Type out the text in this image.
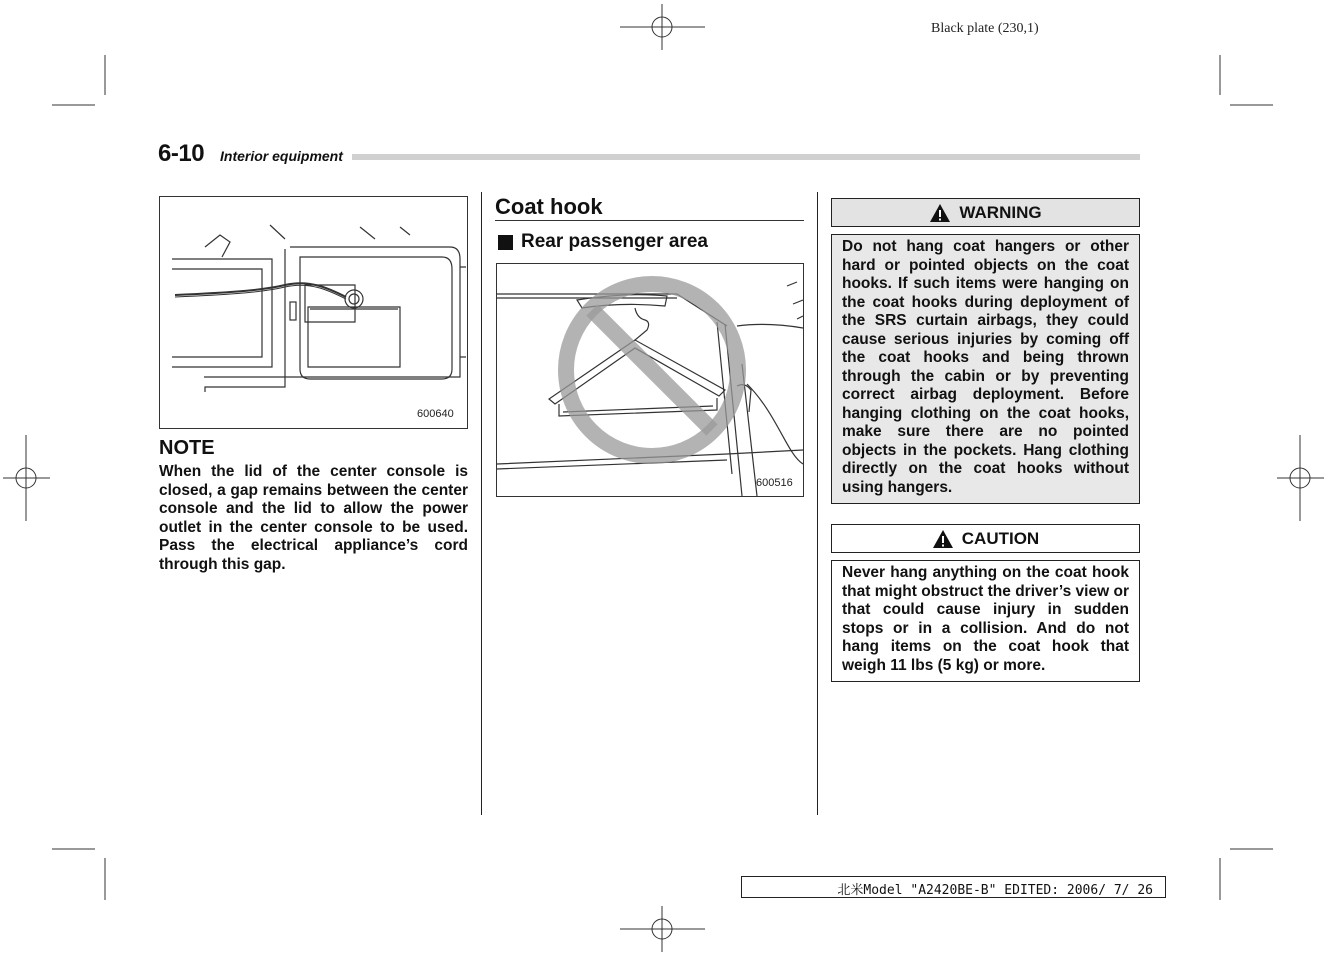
Black plate (230,1)
6-10 Interior equipment
600640
NOTE
When the lid of the center console is closed, a gap remains between the center console and the lid to allow the power outlet in the center console to be used. Pass the electrical appliance’s cord through this gap.
Coat hook
Rear passenger area
600516
WARNING
Do not hang coat hangers or other hard or pointed objects on the coat hooks. If such items were hanging on the coat hooks during deployment of the SRS curtain airbags, they could cause serious injuries by coming off the coat hooks and being thrown through the cabin or by preventing correct airbag deployment. Before hanging clothing on the coat hooks, make sure there are no pointed objects in the pockets. Hang clothing directly on the coat hooks without using hangers.
CAUTION
Never hang anything on the coat hook that might obstruct the driver’s view or that could cause injury in sudden stops or in a collision. And do not hang items on the coat hook that weigh 11 lbs (5 kg) or more.
北米Model "A2420BE-B" EDITED: 2006/ 7/ 26
